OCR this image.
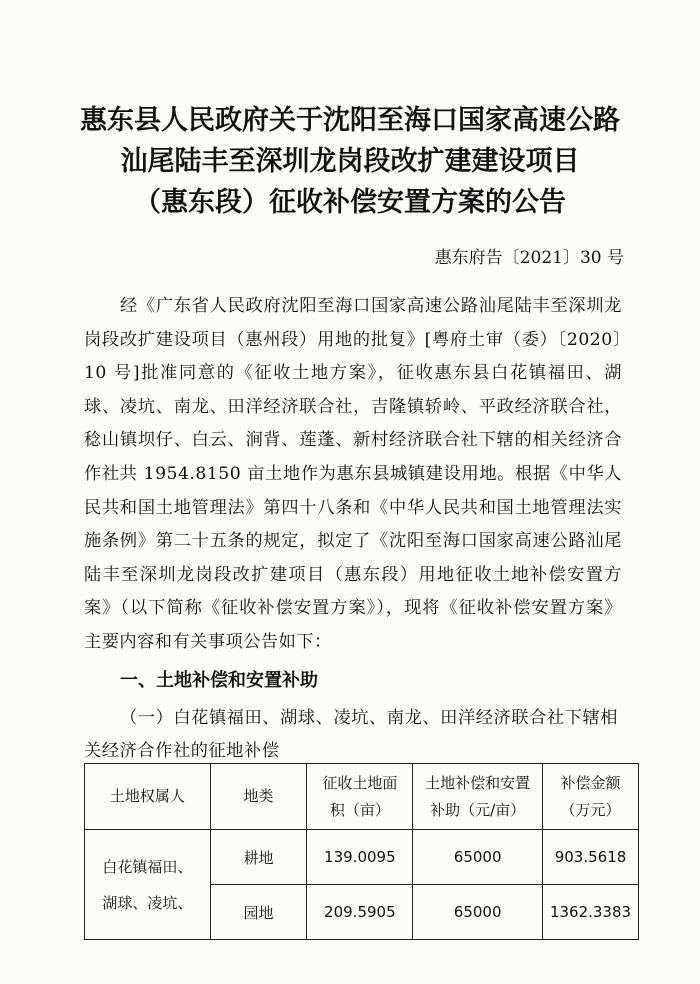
惠东县人民政府关于沈阳至海口国家高速公路
汕尾陆丰至深圳龙岗段改扩建建设项目
（惠东段）征收补偿安置方案的公告
惠东府告〔2021〕30 号
经《广东省人民政府沈阳至海口国家高速公路汕尾陆丰至深圳龙岗段改扩建设项目（惠州段）用地的批复》[粤府土审（委）〔2020〕10 号]批准同意的《征收土地方案》，征收惠东县白花镇福田、湖球、凌坑、南龙、田洋经济联合社，吉隆镇轿岭、平政经济联合社，稔山镇坝仔、白云、涧背、莲蓬、新村经济联合社下辖的相关经济合作社共 1954.8150 亩土地作为惠东县城镇建设用地。根据《中华人民共和国土地管理法》第四十八条和《中华人民共和国土地管理法实施条例》第二十五条的规定，拟定了《沈阳至海口国家高速公路汕尾陆丰至深圳龙岗段改扩建项目（惠东段）用地征收土地补偿安置方案》（以下简称《征收补偿安置方案》），现将《征收补偿安置方案》主要内容和有关事项公告如下：
一、土地补偿和安置补助
（一）白花镇福田、湖球、凌坑、南龙、田洋经济联合社下辖相关经济合作社的征地补偿
土地权属人	地类	征收土地面积（亩）	土地补偿和安置补助（元/亩）	补偿金额（万元）

白花镇福田、
湖球、凌坑、	耕地	139.0095	65000	903.5618
	园地	209.5905	65000	1362.3383
